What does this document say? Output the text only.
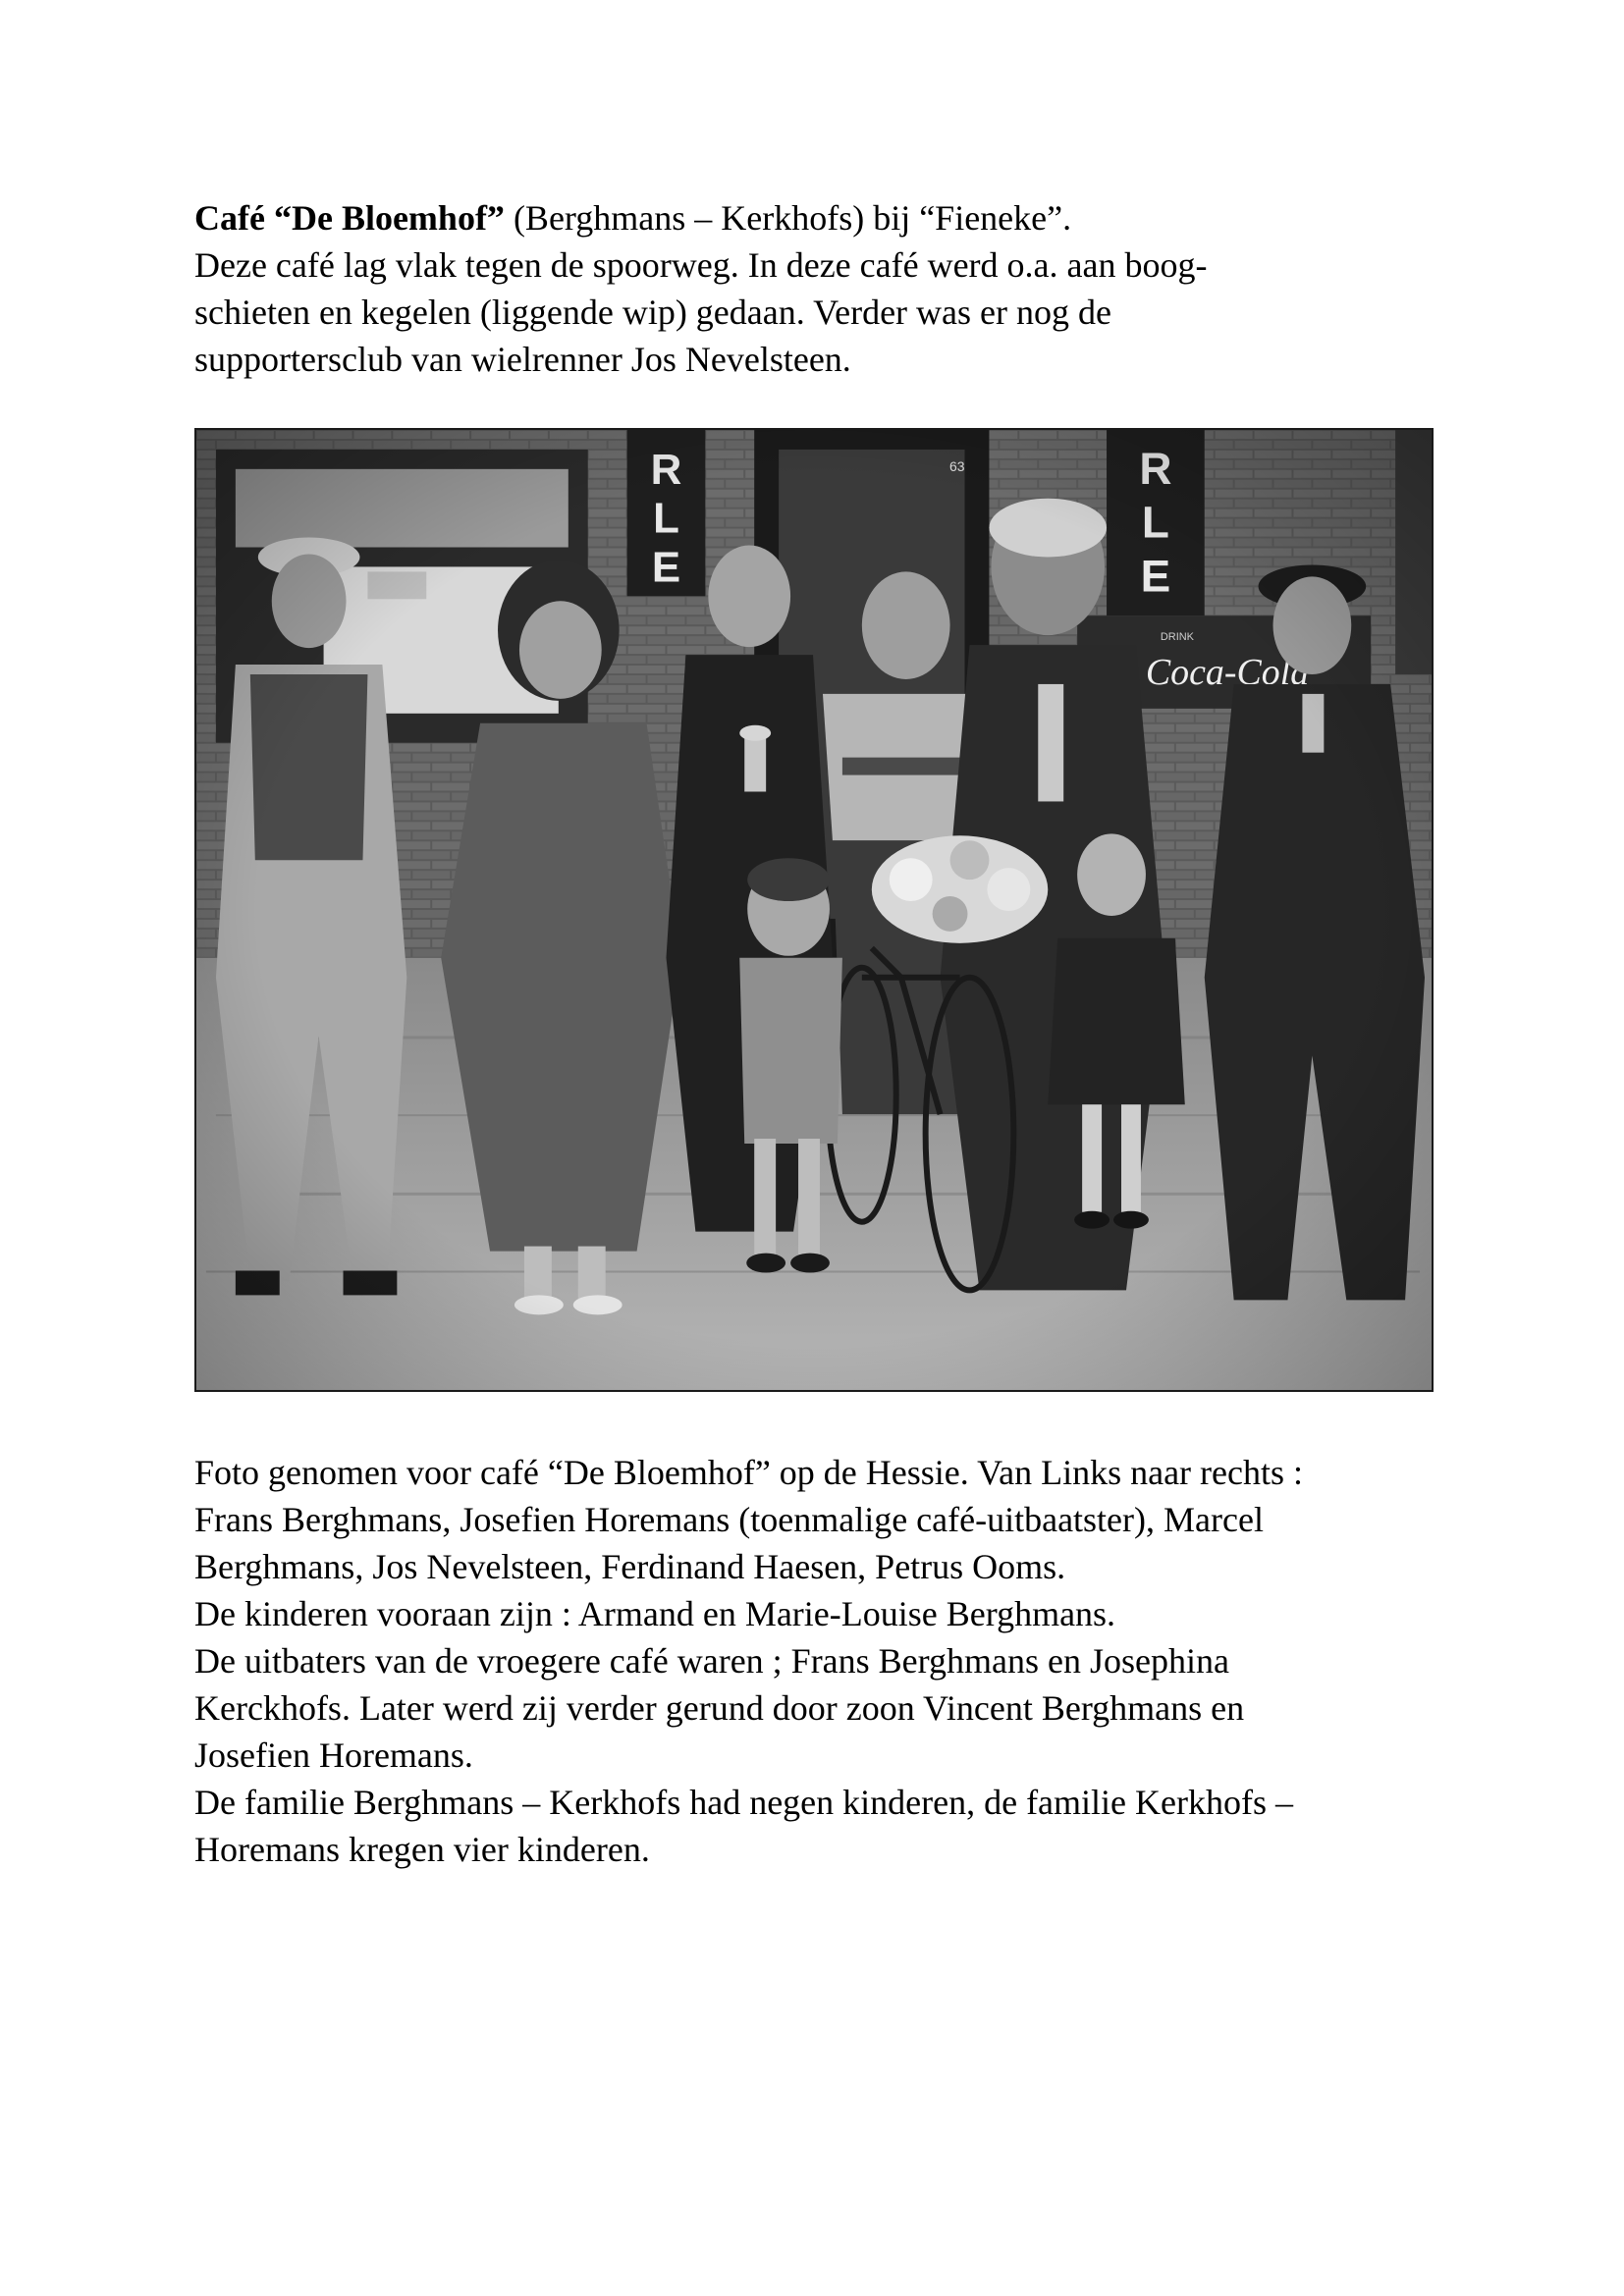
Café “De Bloemhof” (Berghmans – Kerkhofs) bij “Fieneke”.
Deze café lag vlak tegen de spoorweg. In deze café werd o.a. aan boog-
schieten en kegelen (liggende wip) gedaan. Verder was er nog de
supportersclub van wielrenner Jos Nevelsteen.
Foto genomen voor café “De Bloemhof” op de Hessie. Van Links naar rechts :
Frans Berghmans, Josefien Horemans (toenmalige café-uitbaatster), Marcel
Berghmans, Jos Nevelsteen, Ferdinand Haesen, Petrus Ooms.
De kinderen vooraan zijn : Armand en Marie-Louise Berghmans.
De uitbaters van de vroegere café waren ; Frans Berghmans en Josephina
Kerckhofs. Later werd zij verder gerund door zoon Vincent Berghmans en
Josefien Horemans.
De familie Berghmans – Kerkhofs had negen kinderen, de familie Kerkhofs –
Horemans kregen vier kinderen.
